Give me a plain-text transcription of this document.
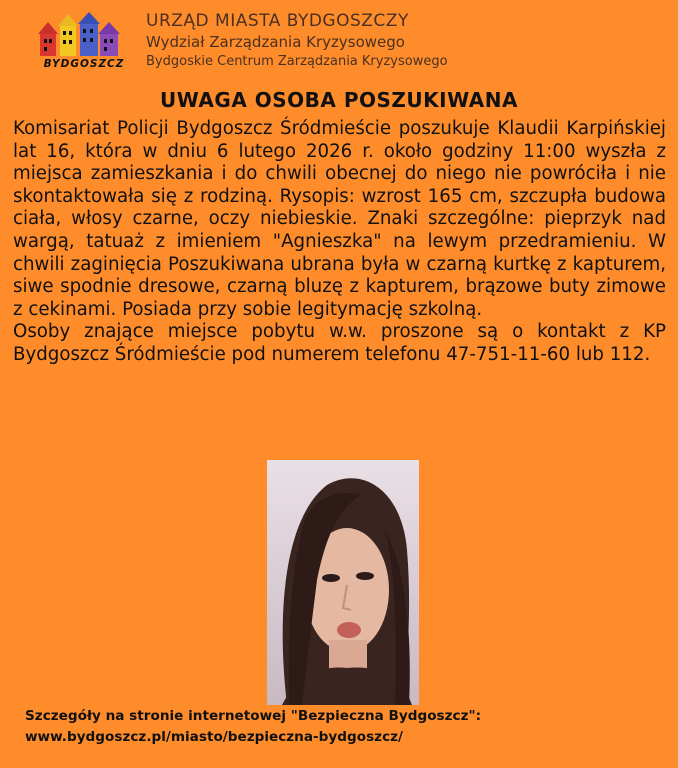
BYDGOSZCZ
URZĄD MIASTA BYDGOSZCZY
Wydział Zarządzania Kryzysowego
Bydgoskie Centrum Zarządzania Kryzysowego
UWAGA OSOBA POSZUKIWANA

Komisariat Policji Bydgoszcz Śródmieście poszukuje Klaudii Karpińskiej lat 16, która w dniu 6 lutego 2026 r. około godziny 11:00 wyszła z miejsca zamieszkania i do chwili obecnej do niego nie powróciła i nie skontaktowała się z rodziną. Rysopis: wzrost 165 cm, szczupła budowa ciała, włosy czarne, oczy niebieskie. Znaki szczególne: pieprzyk nad wargą, tatuaż z imieniem "Agnieszka" na lewym przedramieniu. W chwili zaginięcia Poszukiwana ubrana była w czarną kurtkę z kapturem, siwe spodnie dresowe, czarną bluzę z kapturem, brązowe buty zimowe z cekinami. Posiada przy sobie legitymację szkolną.

Osoby znające miejsce pobytu w.w. proszone są o kontakt z KP Bydgoszcz Śródmieście pod numerem telefonu 47-751-11-60 lub 112.

Szczegóły na stronie internetowej "Bezpieczna Bydgoszcz":
www.bydgoszcz.pl/miasto/bezpieczna-bydgoszcz/
